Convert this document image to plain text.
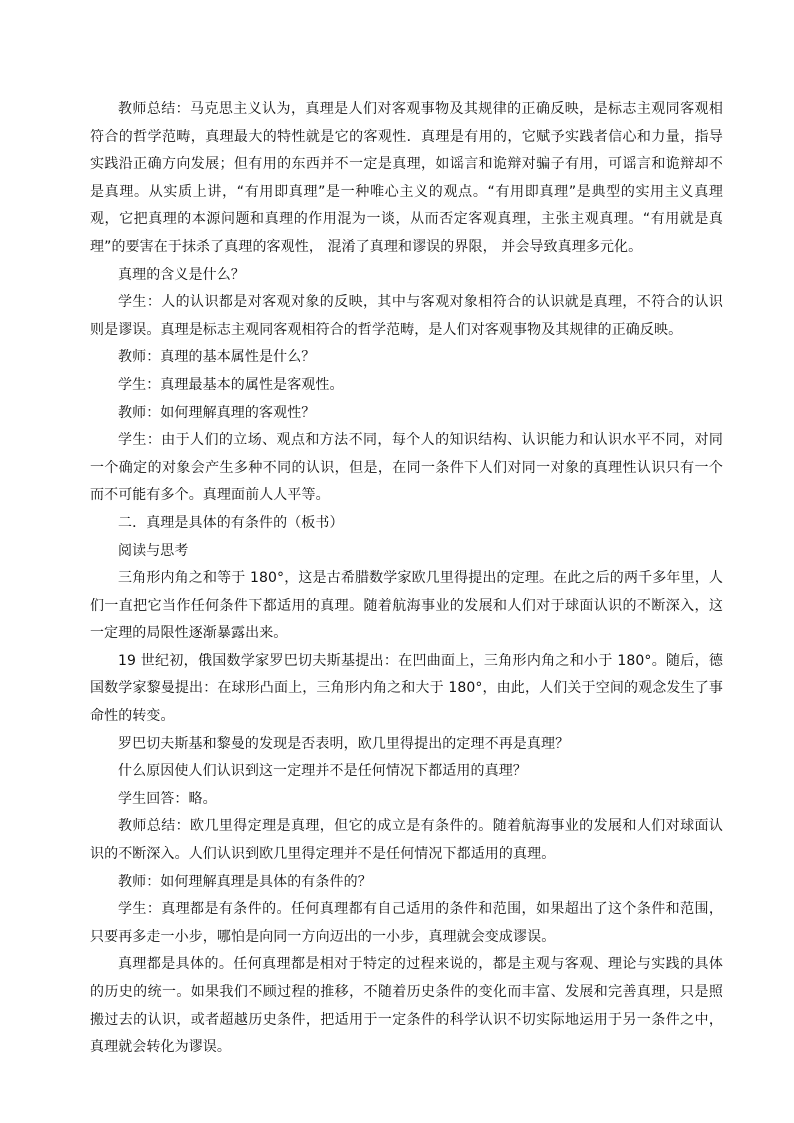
教师总结：马克思主义认为，真理是人们对客观事物及其规律的正确反映，是标志主观同客观相符合的哲学范畴，真理最大的特性就是它的客观性．真理是有用的，它赋予实践者信心和力量，指导实践沿正确方向发展；但有用的东西并不一定是真理，如谣言和诡辩对骗子有用，可谣言和诡辩却不是真理。从实质上讲，“有用即真理”是一种唯心主义的观点。“有用即真理”是典型的实用主义真理观，它把真理的本源问题和真理的作用混为一谈，从而否定客观真理，主张主观真理。“有用就是真理”的要害在于抹杀了真理的客观性， 混淆了真理和谬误的界限， 并会导致真理多元化。

真理的含义是什么？

学生：人的认识都是对客观对象的反映，其中与客观对象相符合的认识就是真理，不符合的认识则是谬误。真理是标志主观同客观相符合的哲学范畴，是人们对客观事物及其规律的正确反映。

教师：真理的基本属性是什么？

学生：真理最基本的属性是客观性。

教师：如何理解真理的客观性？

学生：由于人们的立场、观点和方法不同，每个人的知识结构、认识能力和认识水平不同，对同一个确定的对象会产生多种不同的认识，但是，在同一条件下人们对同一对象的真理性认识只有一个而不可能有多个。真理面前人人平等。

二．真理是具体的有条件的（板书）

阅读与思考

三角形内角之和等于 180°，这是古希腊数学家欧几里得提出的定理。在此之后的两千多年里，人们一直把它当作任何条件下都适用的真理。随着航海事业的发展和人们对于球面认识的不断深入，这一定理的局限性逐渐暴露出来。

19 世纪初，俄国数学家罗巴切夫斯基提出：在凹曲面上，三角形内角之和小于 180°。随后，德国数学家黎曼提出：在球形凸面上，三角形内角之和大于 180°，由此，人们关于空间的观念发生了事命性的转变。

罗巴切夫斯基和黎曼的发现是否表明，欧几里得提出的定理不再是真理？

什么原因使人们认识到这一定理并不是任何情况下都适用的真理？

学生回答：略。

教师总结：欧几里得定理是真理，但它的成立是有条件的。随着航海事业的发展和人们对球面认识的不断深入。人们认识到欧几里得定理并不是任何情况下都适用的真理。

教师：如何理解真理是具体的有条件的？

学生：真理都是有条件的。任何真理都有自己适用的条件和范围，如果超出了这个条件和范围，只要再多走一小步，哪怕是向同一方向迈出的一小步，真理就会变成谬误。

真理都是具体的。任何真理都是相对于特定的过程来说的，都是主观与客观、理论与实践的具体的历史的统一。如果我们不顾过程的推移，不随着历史条件的变化而丰富、发展和完善真理，只是照搬过去的认识，或者超越历史条件，把适用于一定条件的科学认识不切实际地运用于另一条件之中，真理就会转化为谬误。
